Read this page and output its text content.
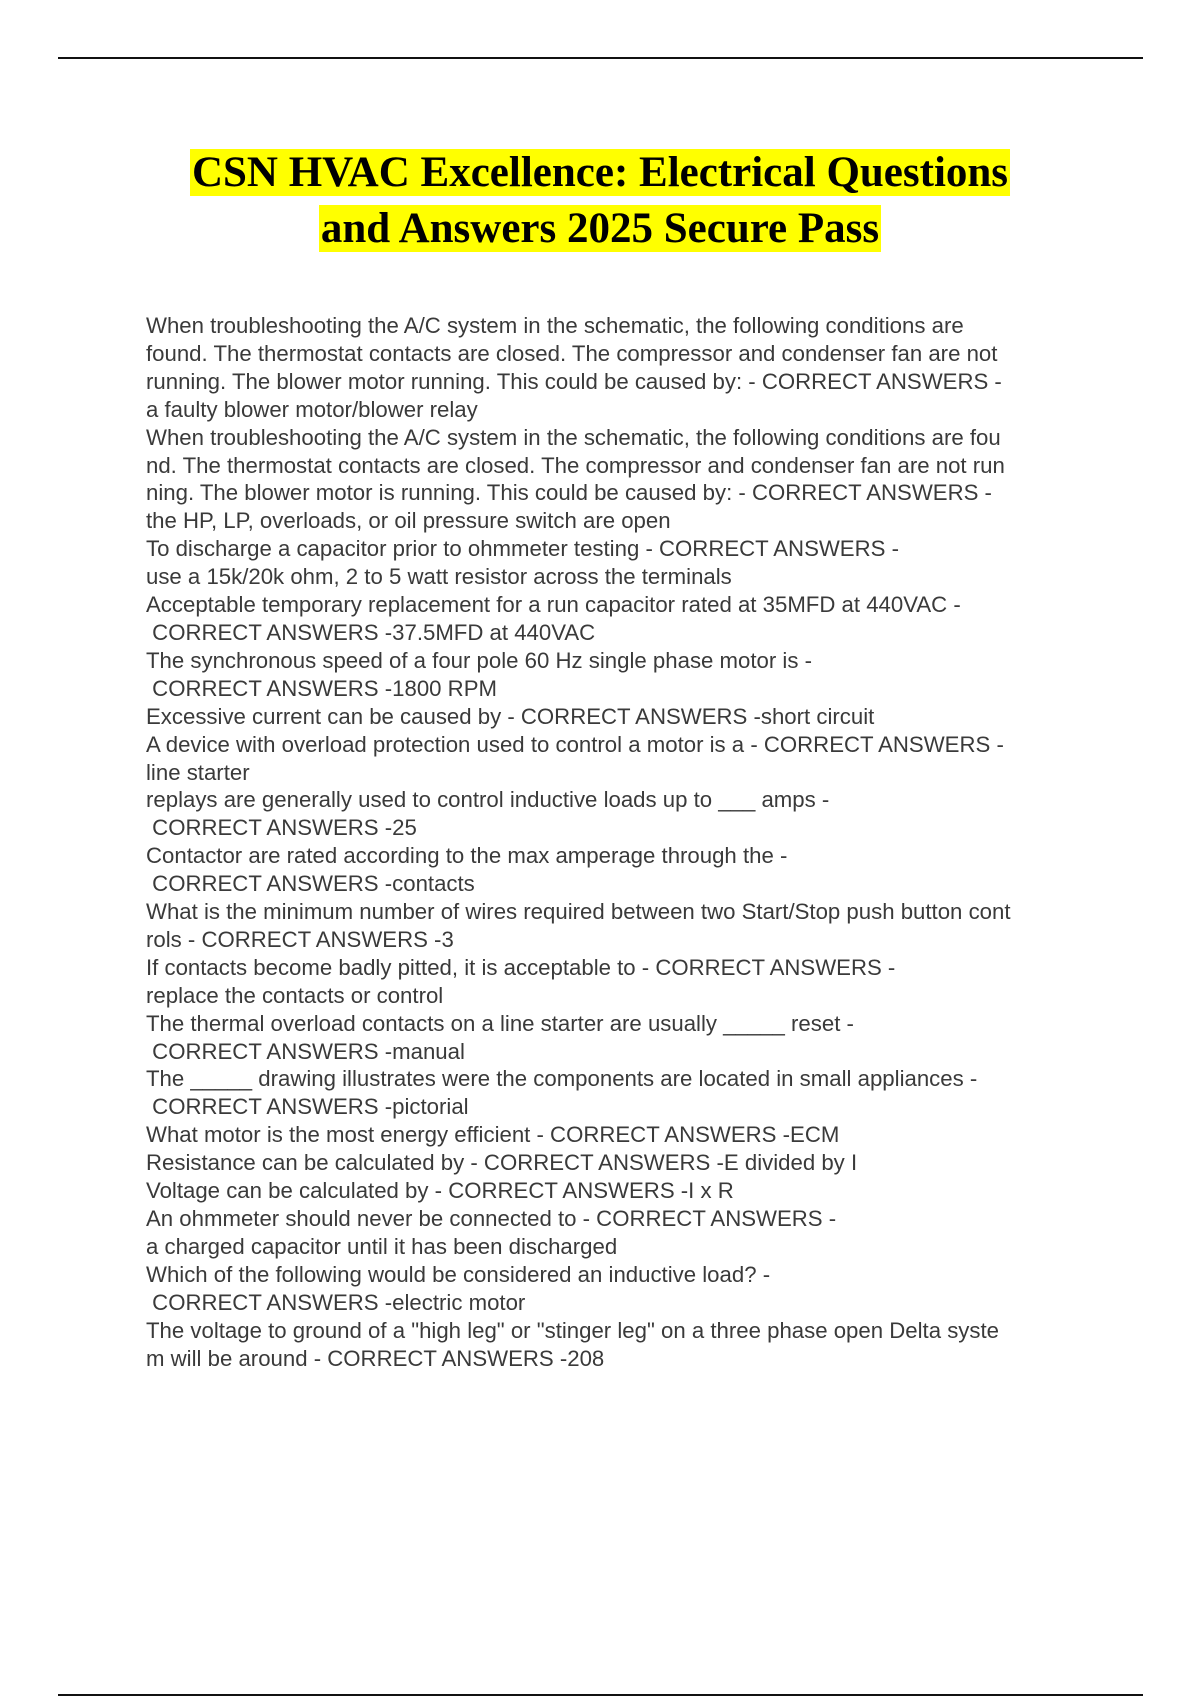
CSN HVAC Excellence: Electrical Questions
and Answers 2025 Secure Pass

When troubleshooting the A/C system in the schematic, the following conditions are
found. The thermostat contacts are closed. The compressor and condenser fan are not
running. The blower motor running. This could be caused by: - CORRECT ANSWERS -
a faulty blower motor/blower relay

When troubleshooting the A/C system in the schematic, the following conditions are fou
nd. The thermostat contacts are closed. The compressor and condenser fan are not run
ning. The blower motor is running. This could be caused by: - CORRECT ANSWERS -
the HP, LP, overloads, or oil pressure switch are open

To discharge a capacitor prior to ohmmeter testing - CORRECT ANSWERS -
use a 15k/20k ohm, 2 to 5 watt resistor across the terminals

Acceptable temporary replacement for a run capacitor rated at 35MFD at 440VAC -
CORRECT ANSWERS -37.5MFD at 440VAC

The synchronous speed of a four pole 60 Hz single phase motor is -
CORRECT ANSWERS -1800 RPM

Excessive current can be caused by - CORRECT ANSWERS -short circuit

A device with overload protection used to control a motor is a - CORRECT ANSWERS -
line starter

replays are generally used to control inductive loads up to ___ amps -
CORRECT ANSWERS -25

Contactor are rated according to the max amperage through the -
CORRECT ANSWERS -contacts

What is the minimum number of wires required between two Start/Stop push button cont
rols - CORRECT ANSWERS -3

If contacts become badly pitted, it is acceptable to - CORRECT ANSWERS -
replace the contacts or control

The thermal overload contacts on a line starter are usually _____ reset -
CORRECT ANSWERS -manual

The _____ drawing illustrates were the components are located in small appliances -
CORRECT ANSWERS -pictorial

What motor is the most energy efficient - CORRECT ANSWERS -ECM

Resistance can be calculated by - CORRECT ANSWERS -E divided by I

Voltage can be calculated by - CORRECT ANSWERS -I x R

An ohmmeter should never be connected to - CORRECT ANSWERS -
a charged capacitor until it has been discharged

Which of the following would be considered an inductive load? -
CORRECT ANSWERS -electric motor

The voltage to ground of a "high leg" or "stinger leg" on a three phase open Delta syste
m will be around - CORRECT ANSWERS -208
